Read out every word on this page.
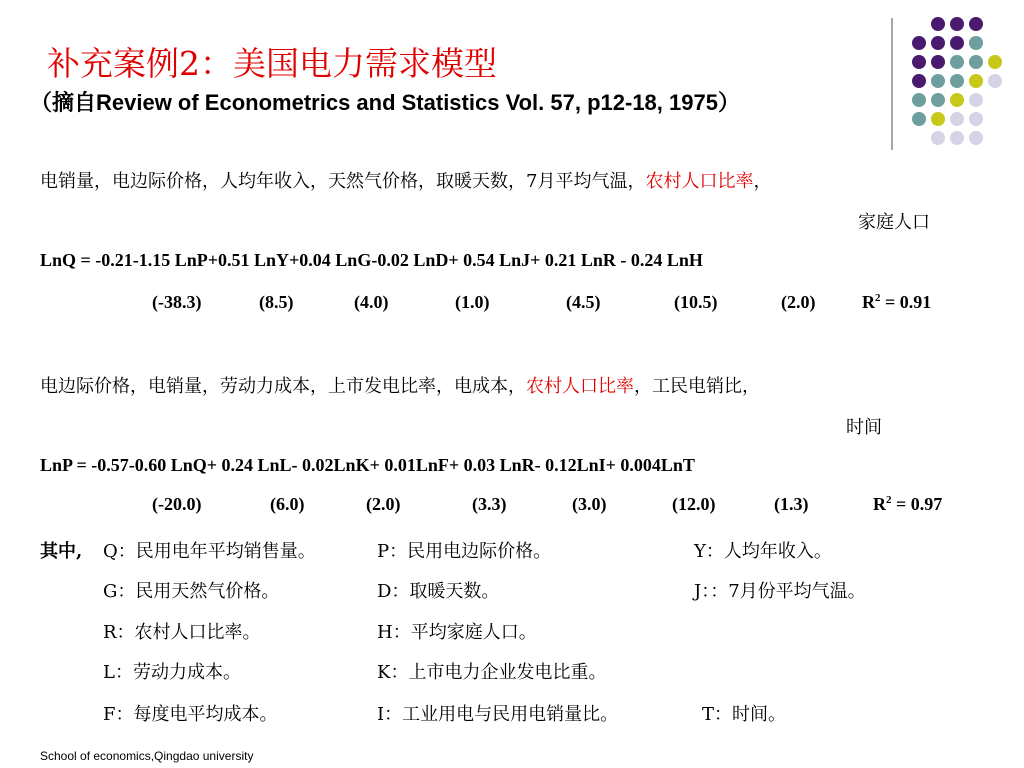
补充案例2：美国电力需求模型
（摘自Review of Econometrics and Statistics Vol. 57, p12-18, 1975）
电销量，电边际价格，人均年收入，天然气价格，取暖天数，7月平均气温，农村人口比率，
家庭人口
LnQ = -0.21-1.15 LnP+0.51 LnY+0.04 LnG-0.02 LnD+ 0.54 LnJ+ 0.21 LnR - 0.24 LnH
(-38.3)	(8.5)	(4.0)	(1.0)	(4.5)	(10.5)	(2.0)	$R^2 = 0.91$
电边际价格，电销量，劳动力成本，上市发电比率，电成本，农村人口比率，工民电销比，
时间
LnP = -0.57-0.60 LnQ+ 0.24 LnL- 0.02LnK+ 0.01LnF+ 0.03 LnR- 0.12LnI+ 0.004LnT
(-20.0)	(6.0)	(2.0)	(3.3)	(3.0)	(12.0)	(1.3)	$R^2 = 0.97$
其中, Q：民用电年平均销售量。	P：民用电边际价格。	Y：人均年收入。
G：民用天然气价格。	D：取暖天数。	J：：7月份平均气温。
R：农村人口比率。	H：平均家庭人口。
L：劳动力成本。	K：上市电力企业发电比重。
F：每度电平均成本。	I：工业用电与民用电销量比。	T：时间。
School of economics,Qingdao university
